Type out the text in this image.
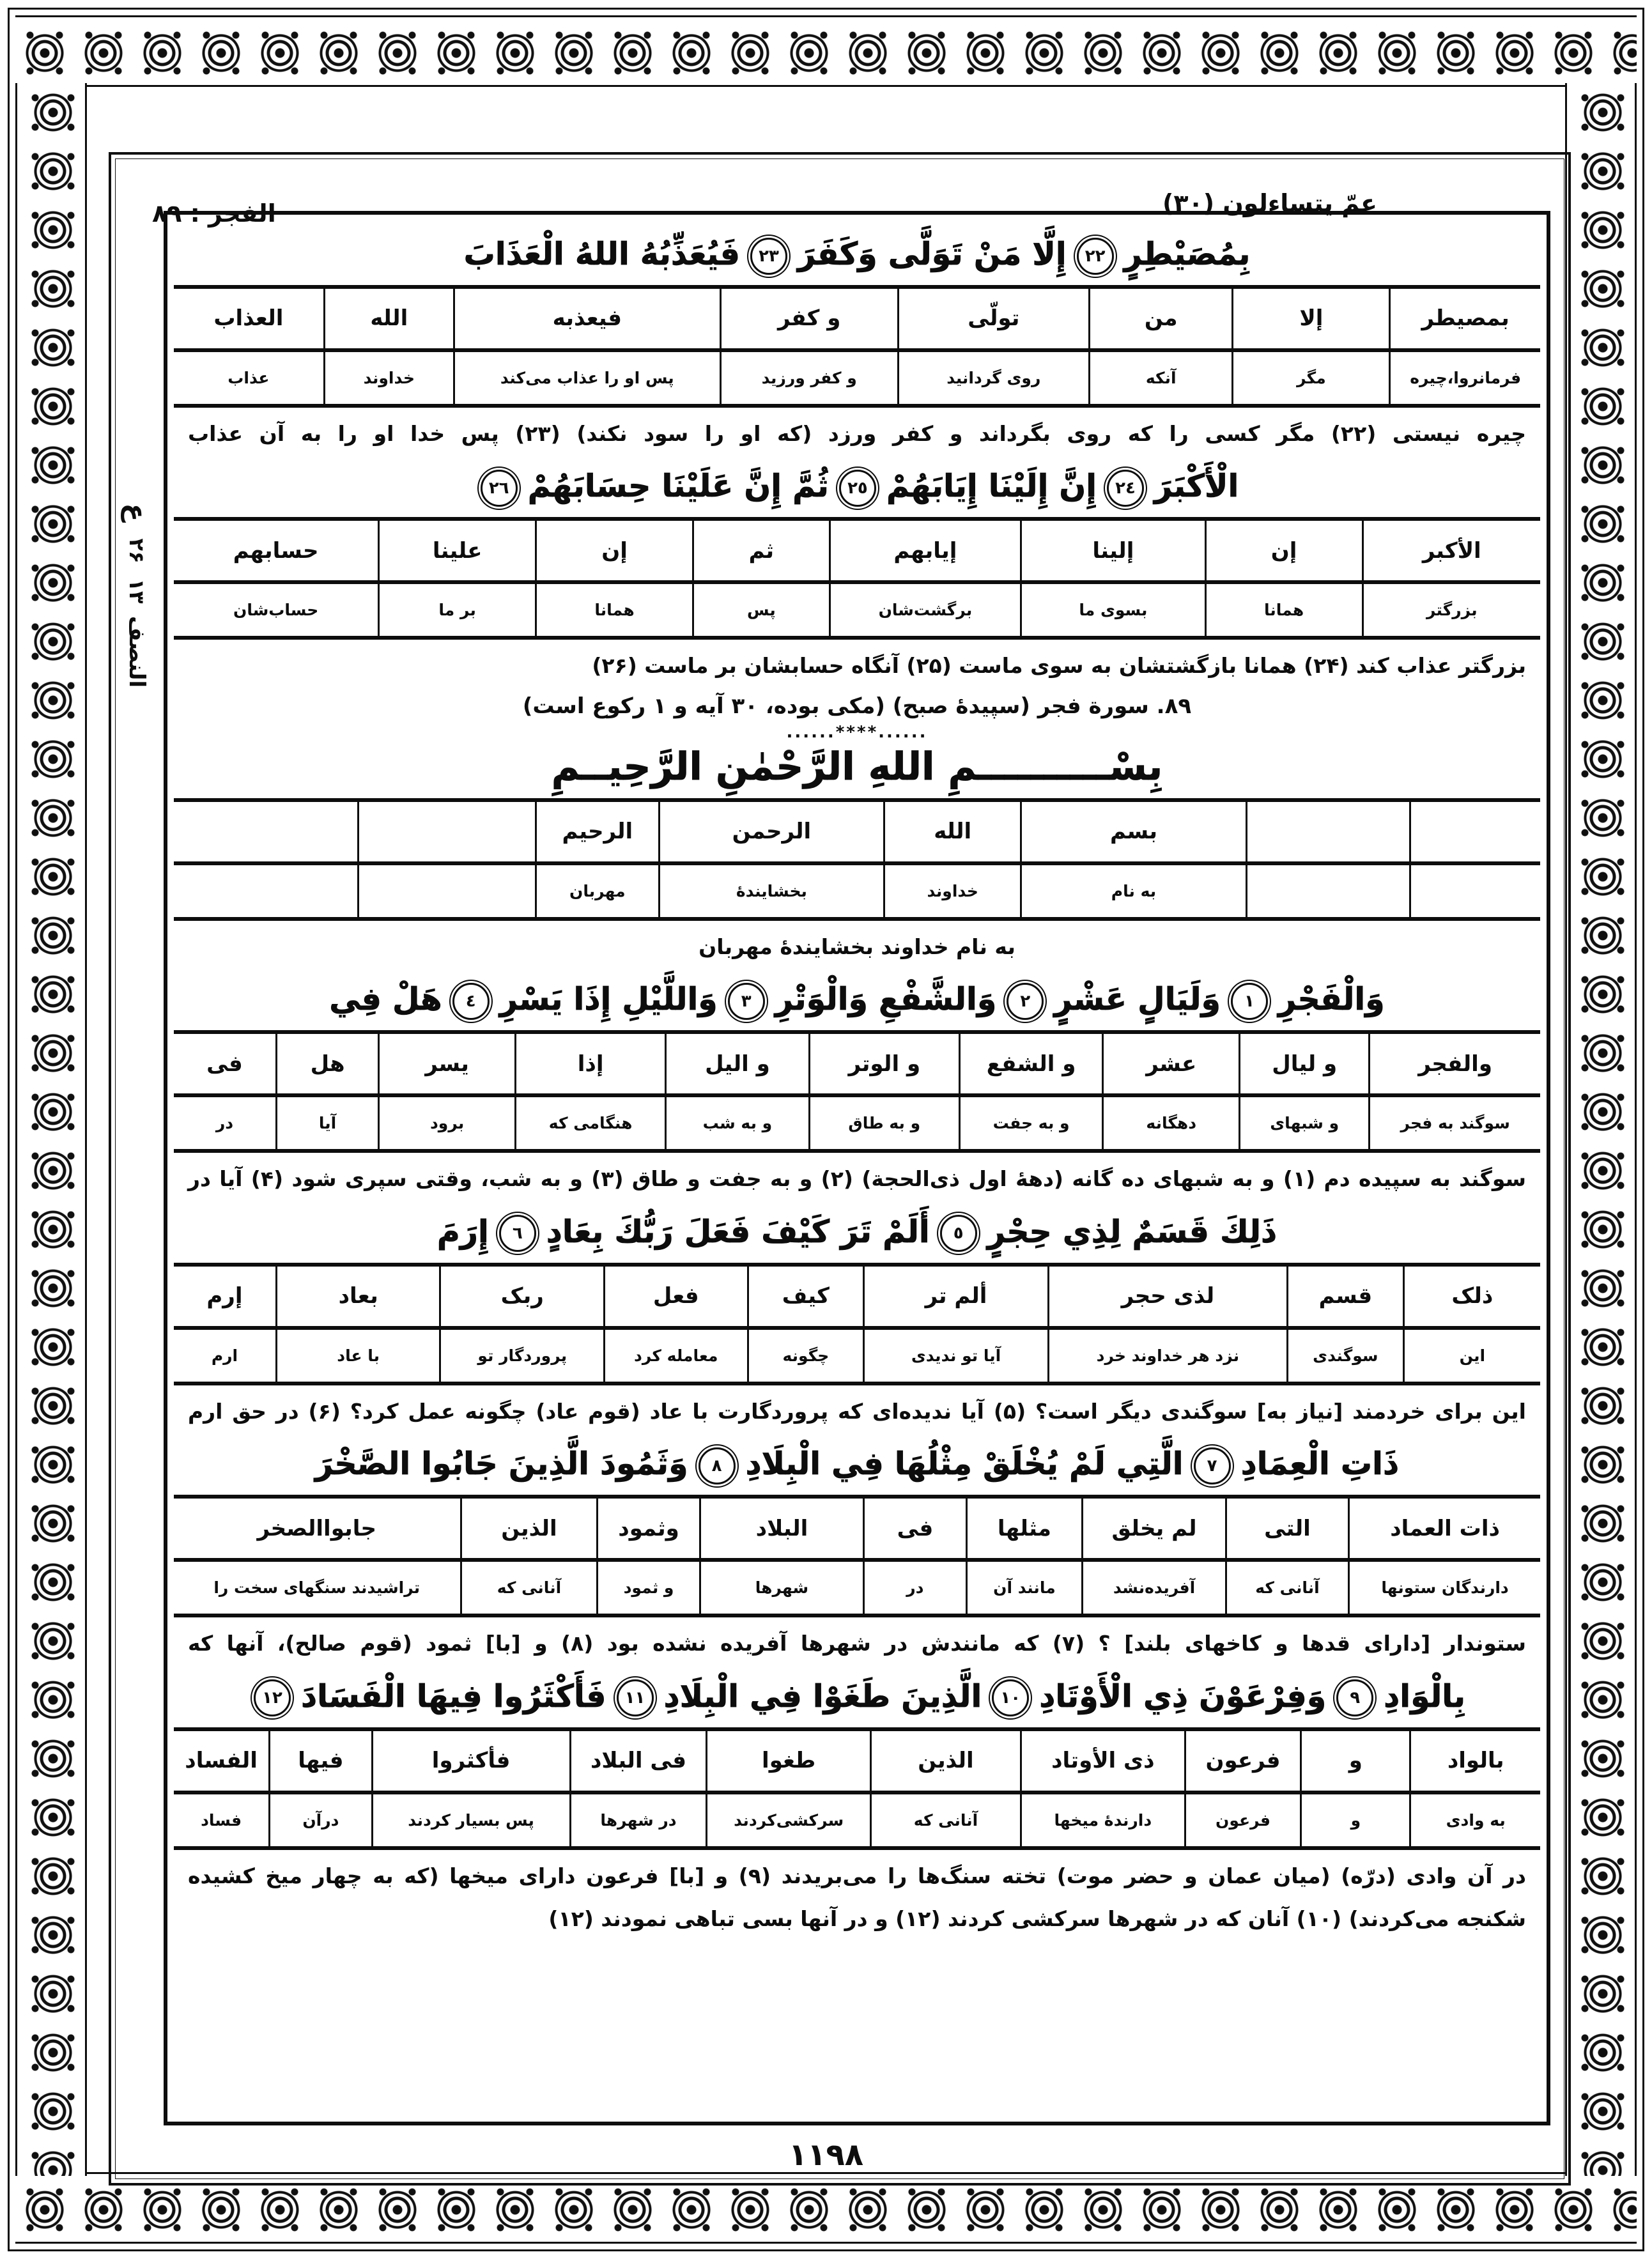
عمّ يتساءلون (٣٠)
الفجر : ٨٩
ع
۲۶
۱۳
النصف
بِمُصَيْطِرٍ٢٢إِلَّا مَنْ تَوَلَّى وَكَفَرَ٢٣فَيُعَذِّبُهُ اللهُ الْعَذَابَ
بمصيطر	إلا	من	تولّى	و كفر	فيعذبه	الله	العذاب
فرمانروا،چیره	مگر	آنکه	روی گردانید	و کفر ورزید	پس او را عذاب می‌کند	خداوند	عذاب
چیره نیستی (۲۲) مگر کسی را که روی بگرداند و کفر ورزد (که او را سود نکند) (۲۳) پس خدا او را به آن عذاب
الْأَكْبَرَ٢٤إِنَّ إِلَيْنَا إِيَابَهُمْ٢٥ثُمَّ إِنَّ عَلَيْنَا حِسَابَهُمْ٢٦
الأكبر	إن	إلينا	إيابهم	ثم	إن	علينا	حسابهم
بزرگتر	همانا	بسوی ما	برگشت‌شان	پس	همانا	بر ما	حساب‌شان
بزرگتر عذاب کند (۲۴) همانا بازگشتشان به سوی ماست (۲۵) آنگاه حسابشان بر ماست (۲۶)
٨٩. سورة فجر (سپیدهٔ صبح) (مکی بوده، ۳۰ آیه و ۱ رکوع است)
......****......
بِسْــــــــــمِ اللهِ الرَّحْمٰنِ الرَّحِيــمِ
		بسم	الله	الرحمن	الرحیم		
		به نام	خداوند	بخشایندهٔ	مهربان		
به نام خداوند بخشایندهٔ مهربان
وَالْفَجْرِ١وَلَيَالٍ عَشْرٍ٢وَالشَّفْعِ وَالْوَتْرِ٣وَاللَّيْلِ إِذَا يَسْرِ٤هَلْ فِي
والفجر	و ليال	عشر	و الشفع	و الوتر	و اليل	إذا	يسر	هل	فى
سوگند به فجر	و شبهای	دهگانه	و به جفت	و به طاق	و به شب	هنگامی که	برود	آیا	در
سوگند به سپیده دم (۱) و به شبهای ده گانه (دههٔ اول ذی‌الحجة) (۲) و به جفت و طاق (۳) و به شب، وقتی سپری شود (۴) آیا در
ذَلِكَ قَسَمٌ لِذِي حِجْرٍ٥أَلَمْ تَرَ كَيْفَ فَعَلَ رَبُّكَ بِعَادٍ٦إِرَمَ
ذلک	قسم	لذی حجر	ألم تر	کیف	فعل	ربک	بعاد	إرم
این	سوگندی	نزد هر خداوند خرد	آیا تو ندیدی	چگونه	معامله کرد	پروردگار تو	با عاد	ارم
این برای خردمند [نیاز به] سوگندی دیگر است؟ (۵) آیا ندیده‌ای که پروردگارت با عاد (قوم عاد) چگونه عمل کرد؟ (۶) در حق ارم
ذَاتِ الْعِمَادِ٧الَّتِي لَمْ يُخْلَقْ مِثْلُهَا فِي الْبِلَادِ٨وَثَمُودَ الَّذِينَ جَابُوا الصَّخْرَ
ذات العماد	التی	لم یخلق	مثلها	فی	البلاد	وثمود	الذین	جابواالصخر
دارندگان ستونها	آنانی که	آفریده‌نشد	مانند آن	در	شهرها	و ثمود	آنانی که	تراشیدند سنگهای سخت را
ستوندار [دارای قدها و کاخهای بلند] ؟ (۷) که مانندش در شهرها آفریده نشده بود (۸) و [با] ثمود (قوم صالح)، آنها که
بِالْوَادِ٩وَفِرْعَوْنَ ذِي الْأَوْتَادِ١٠الَّذِينَ طَغَوْا فِي الْبِلَادِ١١فَأَكْثَرُوا فِيهَا الْفَسَادَ١٢
بالواد	و	فرعون	ذی الأوتاد	الذین	طغوا	فی البلاد	فأکثروا	فیها	الفساد
به وادی	و	فرعون	دارندهٔ میخها	آنانی که	سرکشی‌کردند	در شهرها	پس بسیار کردند	درآن	فساد
در آن وادی (درّه) (میان عمان و حضر موت) تخته سنگ‌ها را می‌بریدند (۹) و [با] فرعون دارای میخها (که به چهار میخ کشیده
شکنجه می‌کردند) (۱۰) آنان که در شهرها سرکشی کردند (۱۲) و در آنها بسی تباهی نمودند (۱۲)
١١٩٨
